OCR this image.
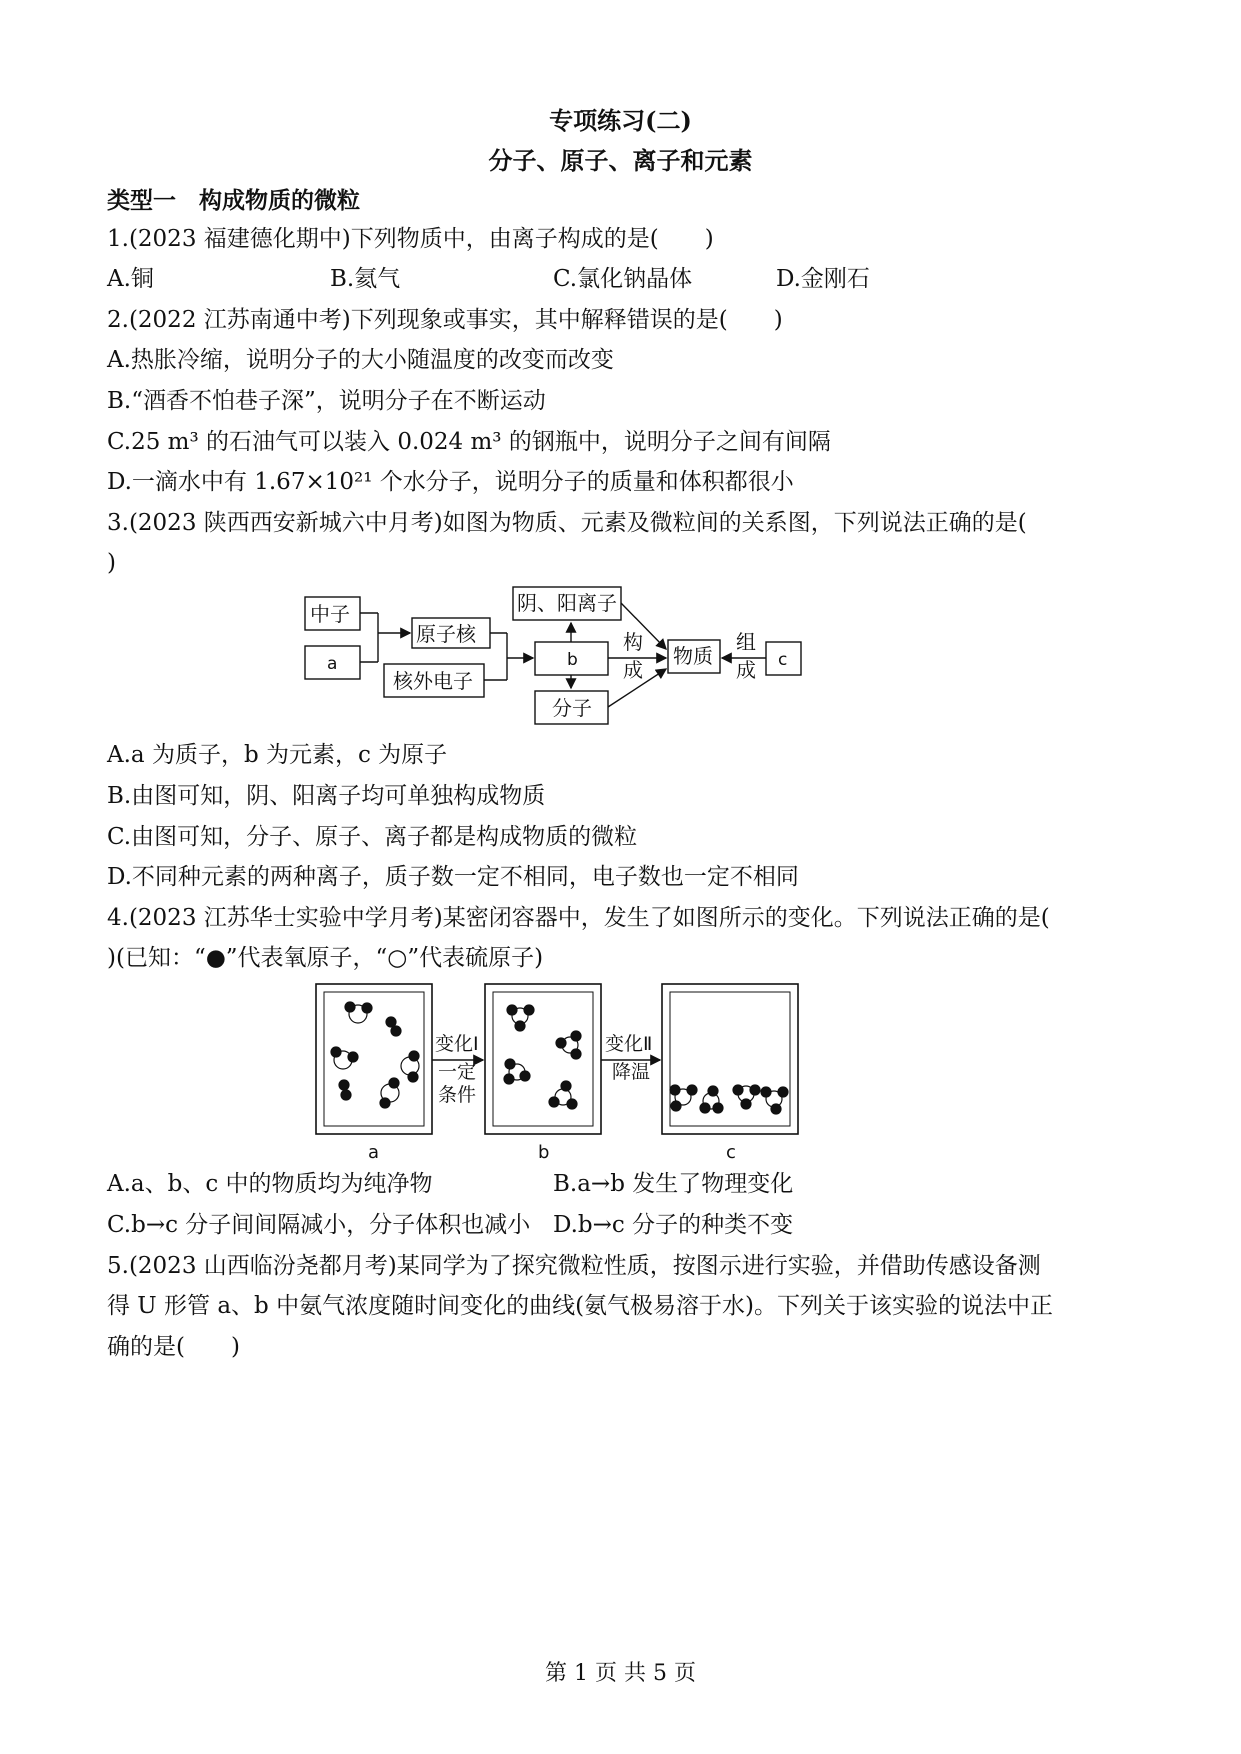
专项练习(二)
分子、原子、离子和元素
类型一　构成物质的微粒
1.(2023 福建德化期中)下列物质中，由离子构成的是(　　)
A.铜	B.氦气	C.氯化钠晶体	D.金刚石
2.(2022 江苏南通中考)下列现象或事实，其中解释错误的是(　　)
A.热胀冷缩，说明分子的大小随温度的改变而改变
B.“酒香不怕巷子深”，说明分子在不断运动
C.25 m³ 的石油气可以装入 0.024 m³ 的钢瓶中，说明分子之间有间隔
D.一滴水中有 1.67×10²¹ 个水分子，说明分子的质量和体积都很小
3.(2023 陕西西安新城六中月考)如图为物质、元素及微粒间的关系图，下列说法正确的是(
)
中子
a
原子核
核外电子
b
阴、阳离子
分子
物质	c
构
成
组
成
A.a 为质子，b 为元素，c 为原子
B.由图可知，阴、阳离子均可单独构成物质
C.由图可知，分子、原子、离子都是构成物质的微粒
D.不同种元素的两种离子，质子数一定不相同，电子数也一定不相同
4.(2023 江苏华士实验中学月考)某密闭容器中，发生了如图所示的变化。下列说法正确的是(
)(已知：“●”代表氧原子，“○”代表硫原子)
变化Ⅰ
一定
条件
变化Ⅱ
降温
a	b	c
A.a、b、c 中的物质均为纯净物	B.a→b 发生了物理变化
C.b→c 分子间间隔减小，分子体积也减小 D.b→c 分子的种类不变
5.(2023 山西临汾尧都月考)某同学为了探究微粒性质，按图示进行实验，并借助传感设备测
得 U 形管 a、b 中氨气浓度随时间变化的曲线(氨气极易溶于水)。下列关于该实验的说法中正
确的是(　　)
第 1 页 共 5 页
